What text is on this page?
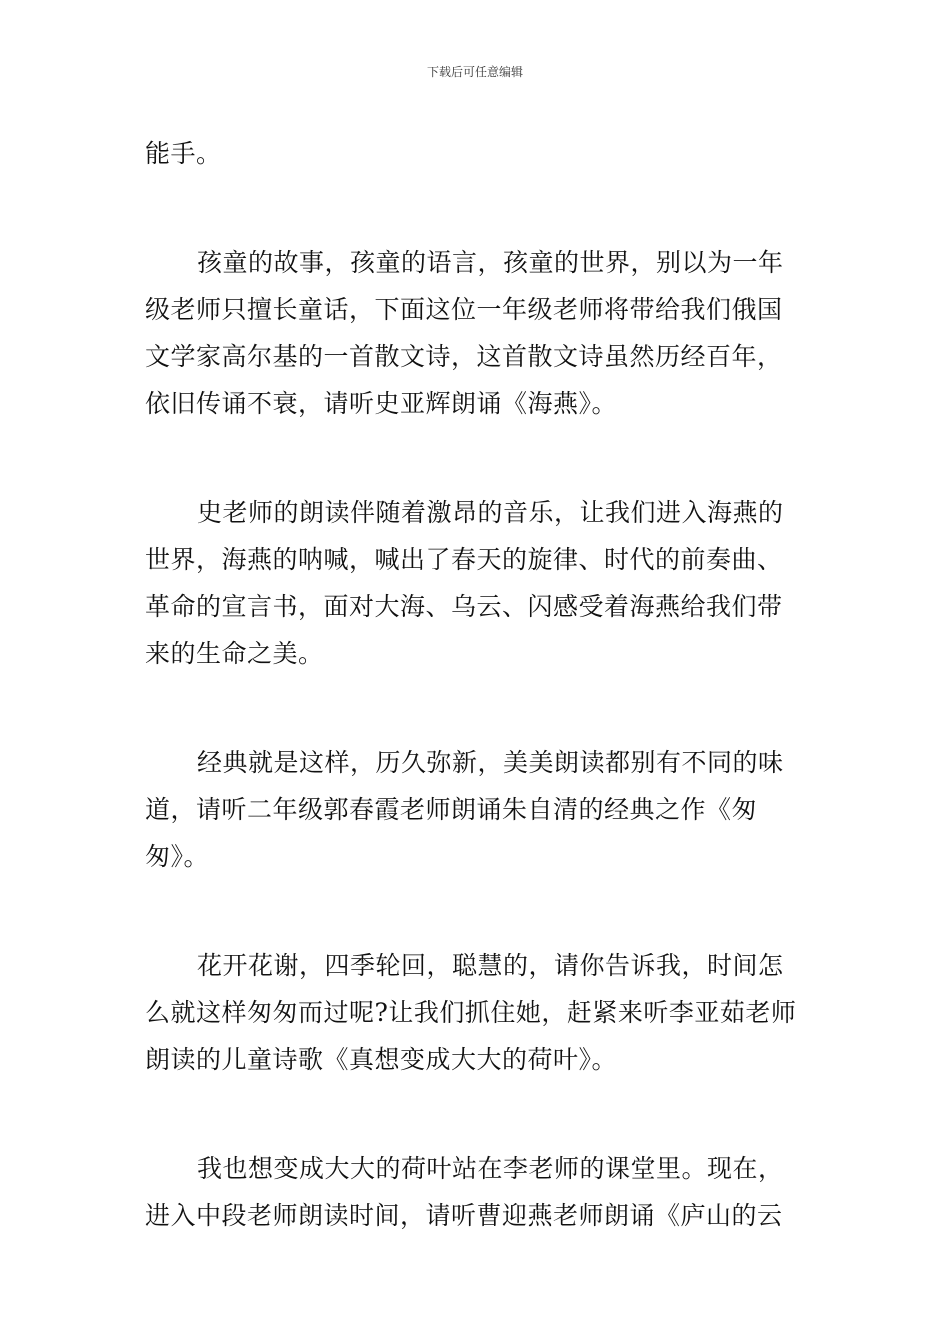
下载后可任意编辑
能手。
孩童的故事，孩童的语言，孩童的世界，别以为一年
级老师只擅长童话，下面这位一年级老师将带给我们俄国
文学家高尔基的一首散文诗，这首散文诗虽然历经百年，
依旧传诵不衰，请听史亚辉朗诵《海燕》。
史老师的朗读伴随着激昂的音乐，让我们进入海燕的
世界，海燕的呐喊，喊出了春天的旋律、时代的前奏曲、
革命的宣言书，面对大海、乌云、闪感受着海燕给我们带
来的生命之美。
经典就是这样，历久弥新，美美朗读都别有不同的味
道，请听二年级郭春霞老师朗诵朱自清的经典之作《匆
匆》。
花开花谢，四季轮回，聪慧的，请你告诉我，时间怎
么就这样匆匆而过呢?让我们抓住她，赶紧来听李亚茹老师
朗读的儿童诗歌《真想变成大大的荷叶》。
我也想变成大大的荷叶站在李老师的课堂里。现在，
进入中段老师朗读时间，请听曹迎燕老师朗诵《庐山的云
